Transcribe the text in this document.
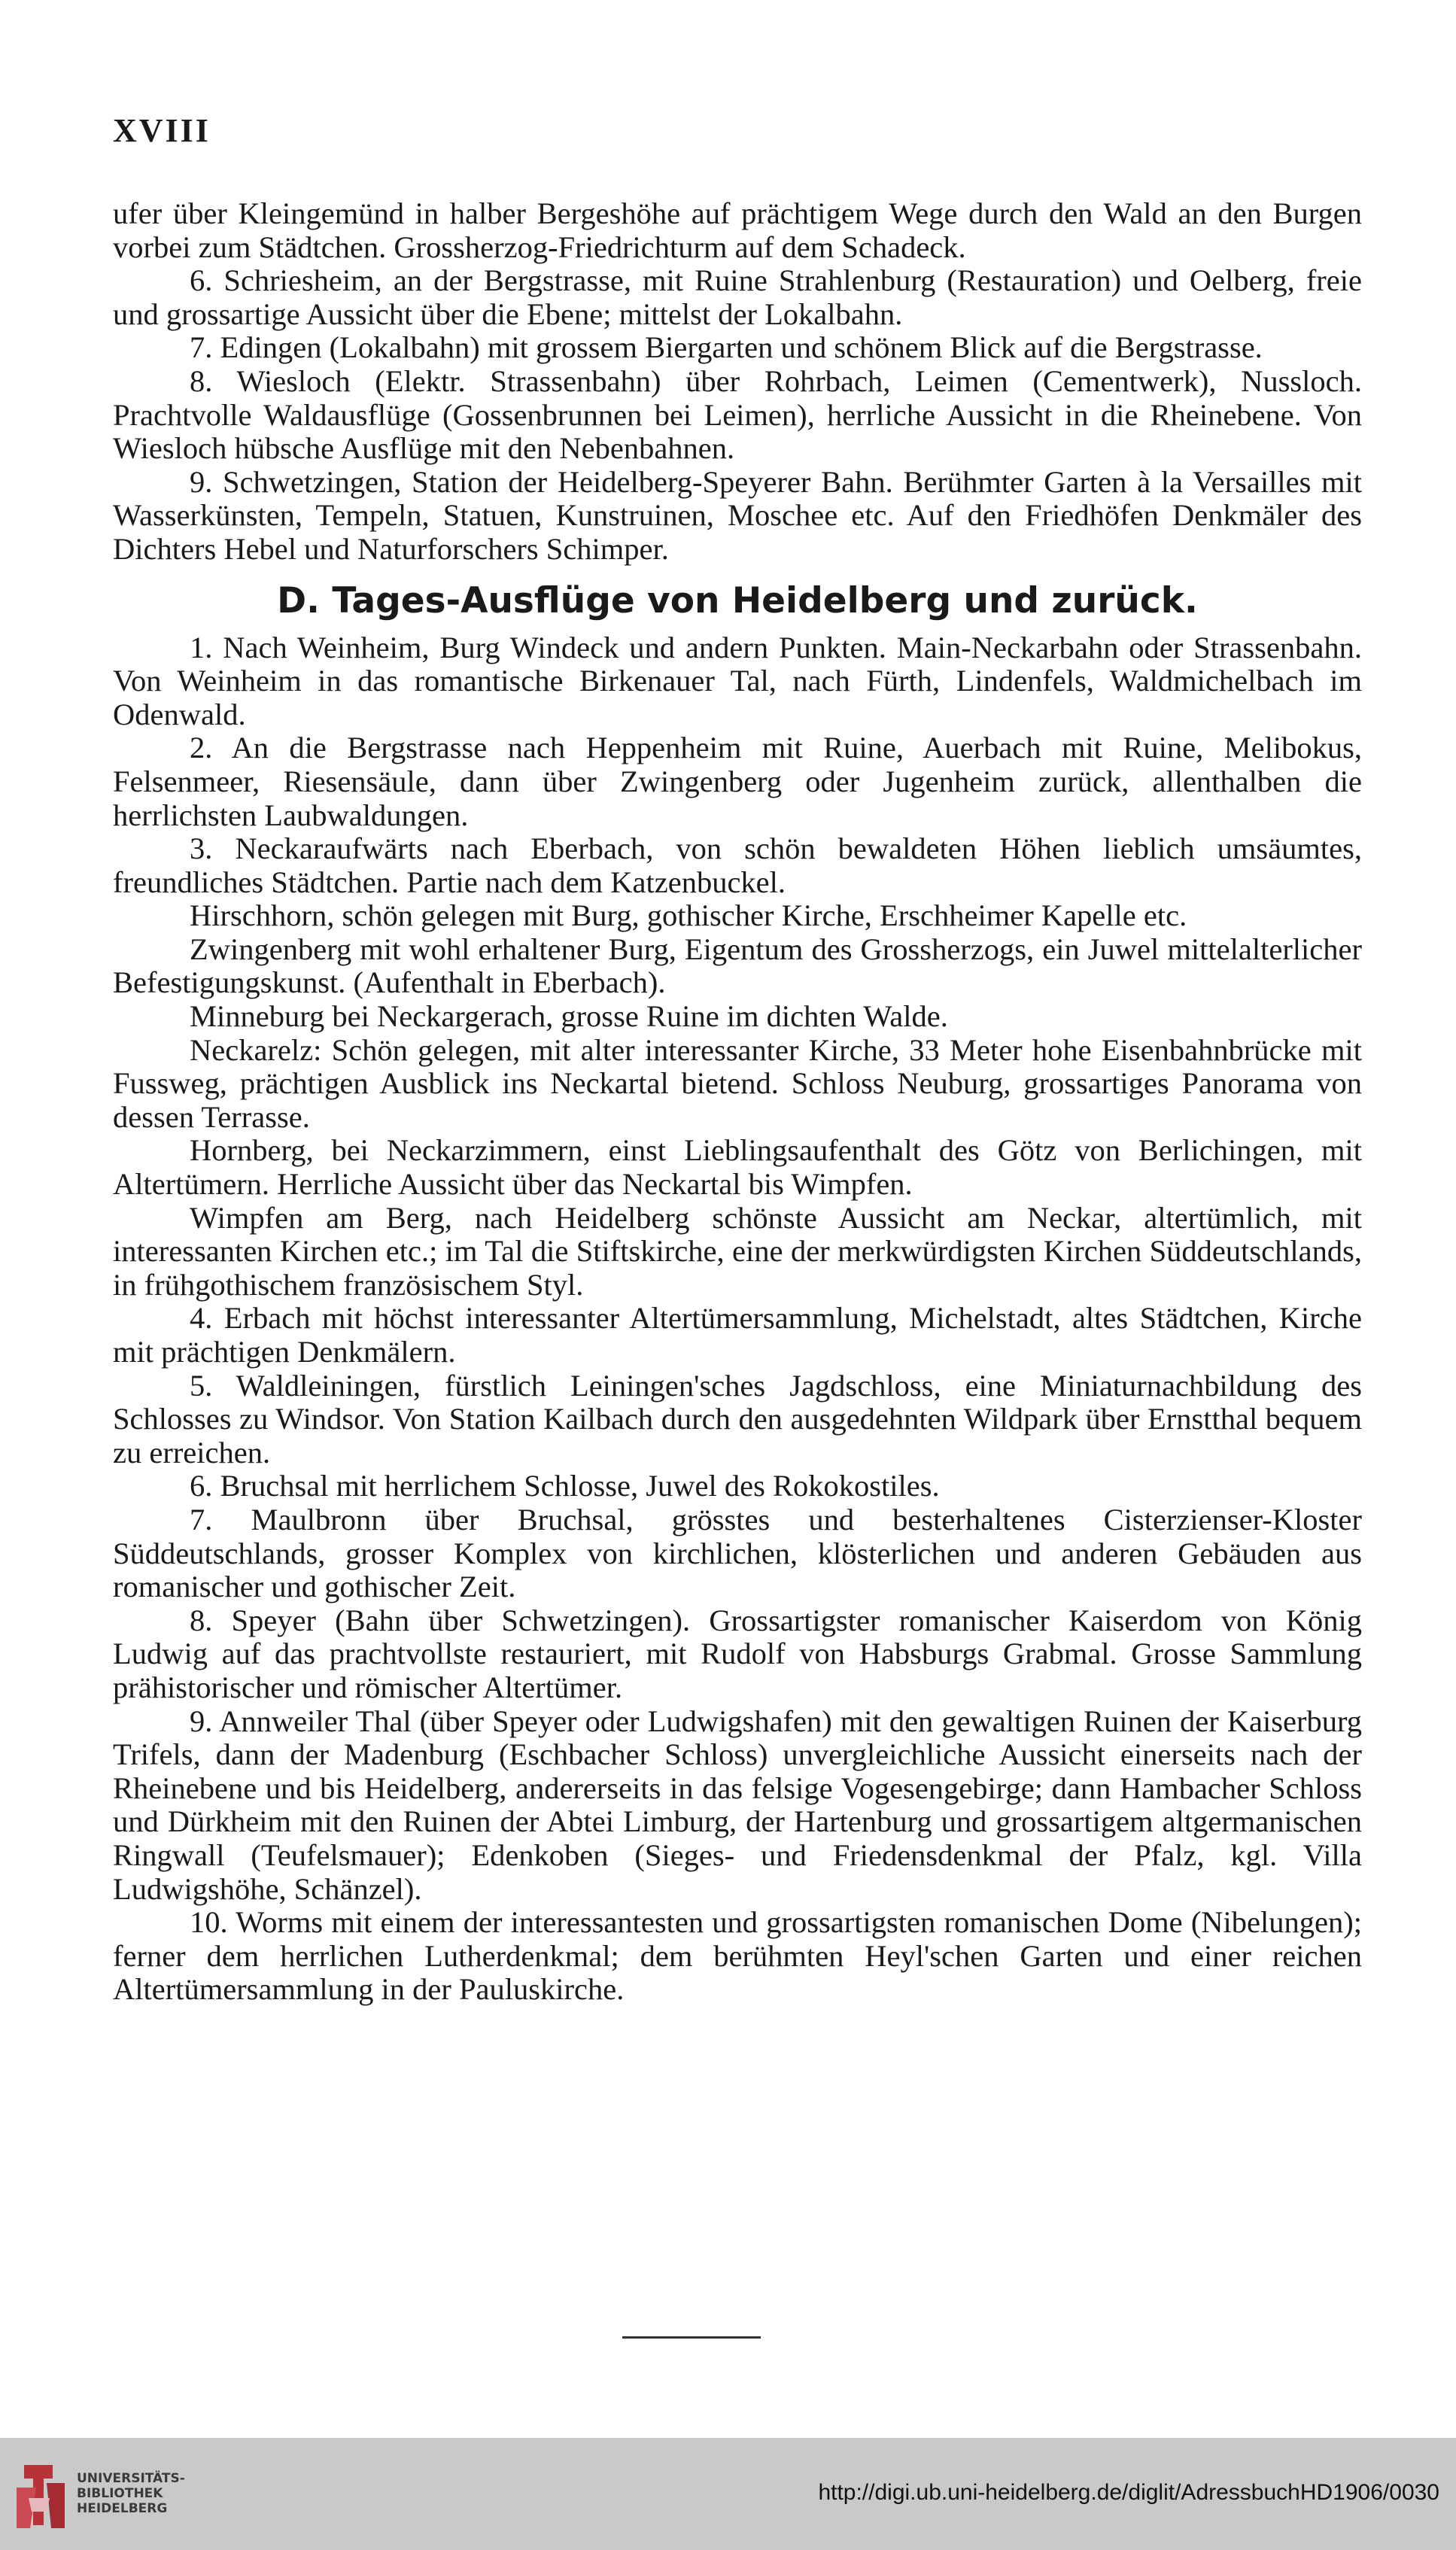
XVIII

ufer über Kleingemünd in halber Bergeshöhe auf prächtigem Wege durch den Wald an den Burgen vorbei zum Städtchen. Grossherzog-Friedrichturm auf dem Schadeck.

6. Schriesheim, an der Bergstrasse, mit Ruine Strahlenburg (Restauration) und Oelberg, freie und grossartige Aussicht über die Ebene; mittelst der Lokalbahn.

7. Edingen (Lokalbahn) mit grossem Biergarten und schönem Blick auf die Bergstrasse.

8. Wiesloch (Elektr. Strassenbahn) über Rohrbach, Leimen (Cementwerk), Nussloch. Prachtvolle Waldausflüge (Gossenbrunnen bei Leimen), herrliche Aussicht in die Rheinebene. Von Wiesloch hübsche Ausflüge mit den Nebenbahnen.

9. Schwetzingen, Station der Heidelberg-Speyerer Bahn. Berühmter Garten à la Versailles mit Wasserkünsten, Tempeln, Statuen, Kunstruinen, Moschee etc. Auf den Friedhöfen Denkmäler des Dichters Hebel und Naturforschers Schimper.

D. Tages-Ausflüge von Heidelberg und zurück.

1. Nach Weinheim, Burg Windeck und andern Punkten. Main-Neckarbahn oder Strassenbahn. Von Weinheim in das romantische Birkenauer Tal, nach Fürth, Lindenfels, Waldmichelbach im Odenwald.

2. An die Bergstrasse nach Heppenheim mit Ruine, Auerbach mit Ruine, Melibokus, Felsenmeer, Riesensäule, dann über Zwingenberg oder Jugenheim zurück, allenthalben die herrlichsten Laubwaldungen.

3. Neckaraufwärts nach Eberbach, von schön bewaldeten Höhen lieblich umsäumtes, freundliches Städtchen. Partie nach dem Katzenbuckel.

Hirschhorn, schön gelegen mit Burg, gothischer Kirche, Erschheimer Kapelle etc.

Zwingenberg mit wohl erhaltener Burg, Eigentum des Grossherzogs, ein Juwel mittelalterlicher Befestigungskunst. (Aufenthalt in Eberbach).

Minneburg bei Neckargerach, grosse Ruine im dichten Walde.

Neckarelz: Schön gelegen, mit alter interessanter Kirche, 33 Meter hohe Eisenbahnbrücke mit Fussweg, prächtigen Ausblick ins Neckartal bietend. Schloss Neuburg, grossartiges Panorama von dessen Terrasse.

Hornberg, bei Neckarzimmern, einst Lieblingsaufenthalt des Götz von Berlichingen, mit Altertümern. Herrliche Aussicht über das Neckartal bis Wimpfen.

Wimpfen am Berg, nach Heidelberg schönste Aussicht am Neckar, altertümlich, mit interessanten Kirchen etc.; im Tal die Stiftskirche, eine der merkwürdigsten Kirchen Süddeutschlands, in frühgothischem französischem Styl.

4. Erbach mit höchst interessanter Altertümersammlung, Michelstadt, altes Städtchen, Kirche mit prächtigen Denkmälern.

5. Waldleiningen, fürstlich Leiningen'sches Jagdschloss, eine Miniaturnachbildung des Schlosses zu Windsor. Von Station Kailbach durch den ausgedehnten Wildpark über Ernstthal bequem zu erreichen.

6. Bruchsal mit herrlichem Schlosse, Juwel des Rokokostiles.

7. Maulbronn über Bruchsal, grösstes und besterhaltenes Cisterzienser-Kloster Süddeutschlands, grosser Komplex von kirchlichen, klösterlichen und anderen Gebäuden aus romanischer und gothischer Zeit.

8. Speyer (Bahn über Schwetzingen). Grossartigster romanischer Kaiserdom von König Ludwig auf das prachtvollste restauriert, mit Rudolf von Habsburgs Grabmal. Grosse Sammlung prähistorischer und römischer Altertümer.

9. Annweiler Thal (über Speyer oder Ludwigshafen) mit den gewaltigen Ruinen der Kaiserburg Trifels, dann der Madenburg (Eschbacher Schloss) unvergleichliche Aussicht einerseits nach der Rheinebene und bis Heidelberg, andererseits in das felsige Vogesengebirge; dann Hambacher Schloss und Dürkheim mit den Ruinen der Abtei Limburg, der Hartenburg und grossartigem altgermanischen Ringwall (Teufelsmauer); Edenkoben (Sieges- und Friedensdenkmal der Pfalz, kgl. Villa Ludwigshöhe, Schänzel).

10. Worms mit einem der interessantesten und grossartigsten romanischen Dome (Nibelungen); ferner dem herrlichen Lutherdenkmal; dem berühmten Heyl'schen Garten und einer reichen Altertümersammlung in der Pauluskirche.

UNIVERSITÄTS-
BIBLIOTHEK
HEIDELBERG
http://digi.ub.uni-heidelberg.de/diglit/AdressbuchHD1906/0030
